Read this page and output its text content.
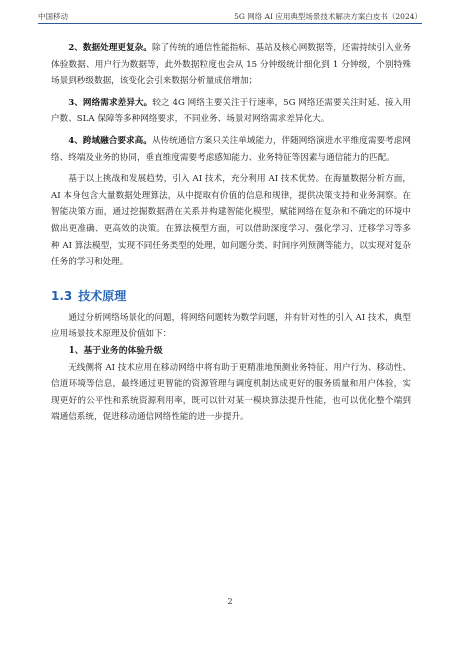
中国移动	5G 网络 AI 应用典型场景技术解决方案白皮书（2024）

2、数据处理更复杂。除了传统的通信性能指标、基站及核心网数据等，还需持续引入业务体验数据、用户行为数据等，此外数据粒度也会从 15 分钟级统计细化到 1 分钟级，个别特殊场景到秒级数据，该变化会引来数据分析量成倍增加；

3、网络需求差异大。较之 4G 网络主要关注于行速率，5G 网络还需要关注时延、接入用户数、SLA 保障等多种网络要求，不同业务、场景对网络需求差异化大。

4、跨域融合要求高。从传统通信方案只关注单域能力，伴随网络演进水平维度需要考虑网络、终端及业务的协同，垂直维度需要考虑感知能力、业务特征等因素与通信能力的匹配。

基于以上挑战和发展趋势，引入 AI 技术，充分利用 AI 技术优势。在海量数据分析方面，AI 本身包含大量数据处理算法，从中提取有价值的信息和规律，提供决策支持和业务洞察。在智能决策方面，通过挖掘数据潜在关系并构建智能化模型，赋能网络在复杂和不确定的环境中做出更准确、更高效的决策。在算法模型方面，可以借助深度学习、强化学习、迁移学习等多种 AI 算法模型，实现不同任务类型的处理，如问题分类、时间序列预测等能力，以实现对复杂任务的学习和处理。

1.3 技术原理

通过分析网络场景化的问题，将网络问题转为数学问题，并有针对性的引入 AI 技术，典型应用场景技术原理及价值如下：

1、基于业务的体验升级

无线侧将 AI 技术应用在移动网络中将有助于更精准地预测业务特征、用户行为、移动性、信道环境等信息，最终通过更智能的资源管理与调度机制达成更好的服务质量和用户体验，实现更好的公平性和系统资源利用率，既可以针对某一模块算法提升性能，也可以优化整个端到端通信系统，促进移动通信网络性能的进一步提升。

2
